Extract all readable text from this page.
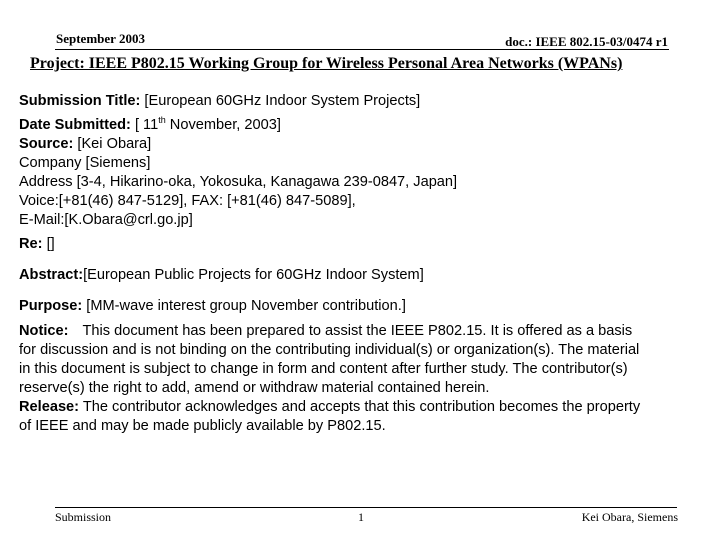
September 2003	doc.: IEEE 802.15-03/0474 r1
Project: IEEE P802.15 Working Group for Wireless Personal Area Networks (WPANs)
Submission Title: [European 60GHz Indoor System Projects]
Date Submitted: [ 11th November, 2003]
Source: [Kei Obara]
Company [Siemens]
Address [3-4, Hikarino-oka, Yokosuka, Kanagawa 239-0847, Japan]
Voice:[+81(46) 847-5129], FAX: [+81(46) 847-5089],
E-Mail:[K.Obara@crl.go.jp]
Re: []
Abstract:[European Public Projects for 60GHz Indoor System]
Purpose: [MM-wave interest group November contribution.]
Notice: This document has been prepared to assist the IEEE P802.15. It is offered as a basis
for discussion and is not binding on the contributing individual(s) or organization(s). The material
in this document is subject to change in form and content after further study. The contributor(s)
reserve(s) the right to add, amend or withdraw material contained herein.
Release: The contributor acknowledges and accepts that this contribution becomes the property
of IEEE and may be made publicly available by P802.15.
Submission	1	Kei Obara, Siemens
